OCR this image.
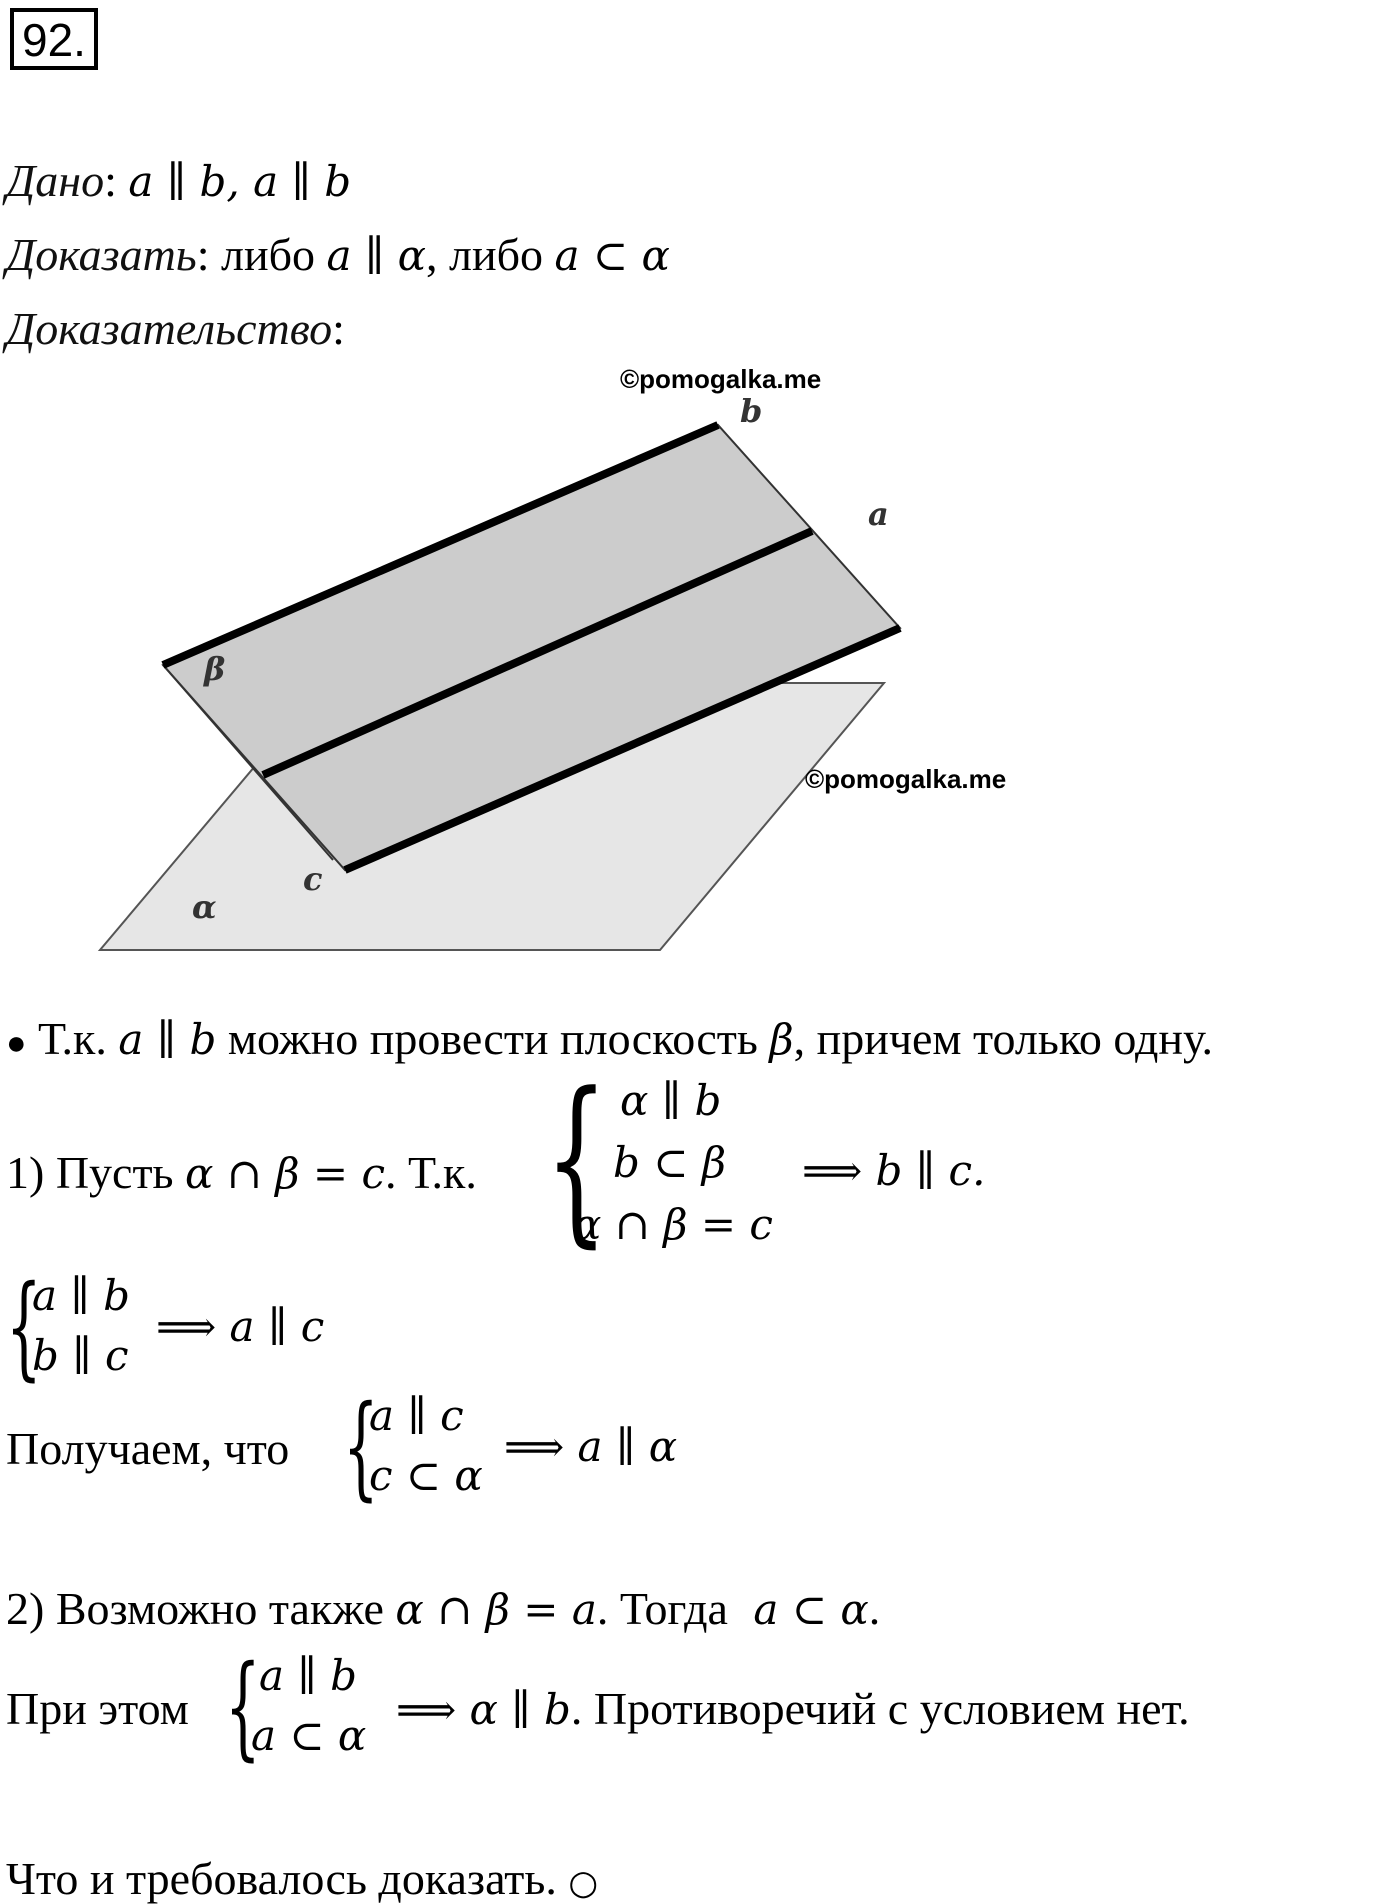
92.
Дано: a ∥ b, a ∥ b
Доказать: либо a ∥ α, либо a ⊂ α
Доказательство:
©pomogalka.me
©pomogalka.me
b
a
β
c
α
● Т.к. a ∥ b можно провести плоскость β, причем только одну.
1) Пусть α ∩ β = c. Т.к. { α ∥ b
b ⊂ β
α ∩ β = c
⟹ b ∥ c.
{
a ∥ b
b ∥ c
⟹ a ∥ c
Получаем, что {
a ∥ c
c ⊂ α
⟹ a ∥ α
2) Возможно также α ∩ β = a. Тогда a ⊂ α.
При этом {
a ∥ b
a ⊂ α
⟹ α ∥ b. Противоречий с условием нет.
Что и требовалось доказать. ○
